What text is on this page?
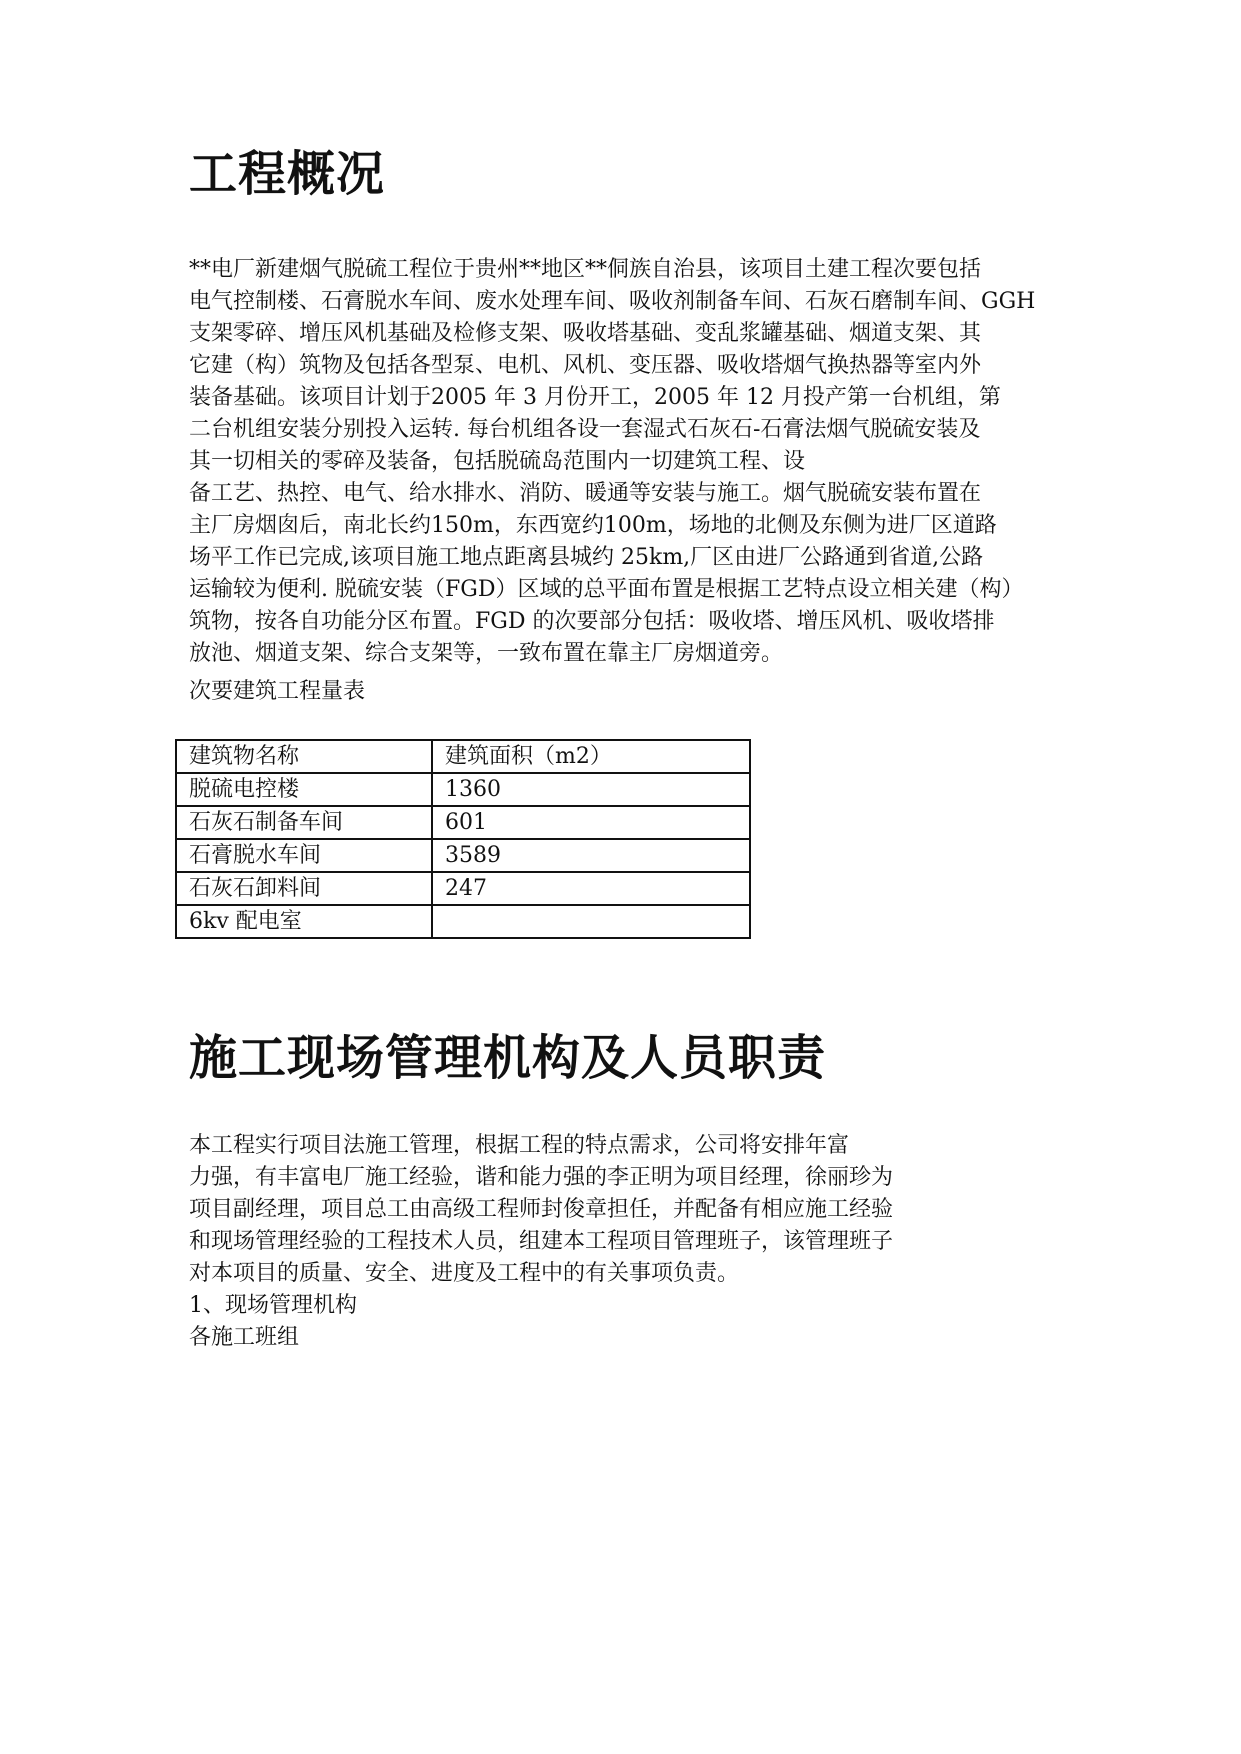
工程概况
**电厂新建烟气脱硫工程位于贵州**地区**侗族自治县，该项目土建工程次要包括
电气控制楼、石膏脱水车间、废水处理车间、吸收剂制备车间、石灰石磨制车间、GGH
支架零碎、增压风机基础及检修支架、吸收塔基础、变乱浆罐基础、烟道支架、其
它建（构）筑物及包括各型泵、电机、风机、变压器、吸收塔烟气换热器等室内外
装备基础。该项目计划于2005 年 3 月份开工，2005 年 12 月投产第一台机组，第
二台机组安装分别投入运转. 每台机组各设一套湿式石灰石-石膏法烟气脱硫安装及
其一切相关的零碎及装备，包括脱硫岛范围内一切建筑工程、设
备工艺、热控、电气、给水排水、消防、暖通等安装与施工。烟气脱硫安装布置在
主厂房烟囱后，南北长约150m，东西宽约100m，场地的北侧及东侧为进厂区道路
场平工作已完成,该项目施工地点距离县城约 25km,厂区由进厂公路通到省道,公路
运输较为便利. 脱硫安装（FGD）区域的总平面布置是根据工艺特点设立相关建（构）
筑物，按各自功能分区布置。FGD 的次要部分包括：吸收塔、增压风机、吸收塔排
放池、烟道支架、综合支架等，一致布置在靠主厂房烟道旁。
次要建筑工程量表
建筑物名称	建筑面积（m2）
脱硫电控楼	1360
石灰石制备车间	601
石膏脱水车间	3589
石灰石卸料间	247
6kv 配电室	
施工现场管理机构及人员职责
本工程实行项目法施工管理，根据工程的特点需求，公司将安排年富
力强，有丰富电厂施工经验，谐和能力强的李正明为项目经理，徐丽珍为
项目副经理，项目总工由高级工程师封俊章担任，并配备有相应施工经验
和现场管理经验的工程技术人员，组建本工程项目管理班子，该管理班子
对本项目的质量、安全、进度及工程中的有关事项负责。
1、现场管理机构
各施工班组
